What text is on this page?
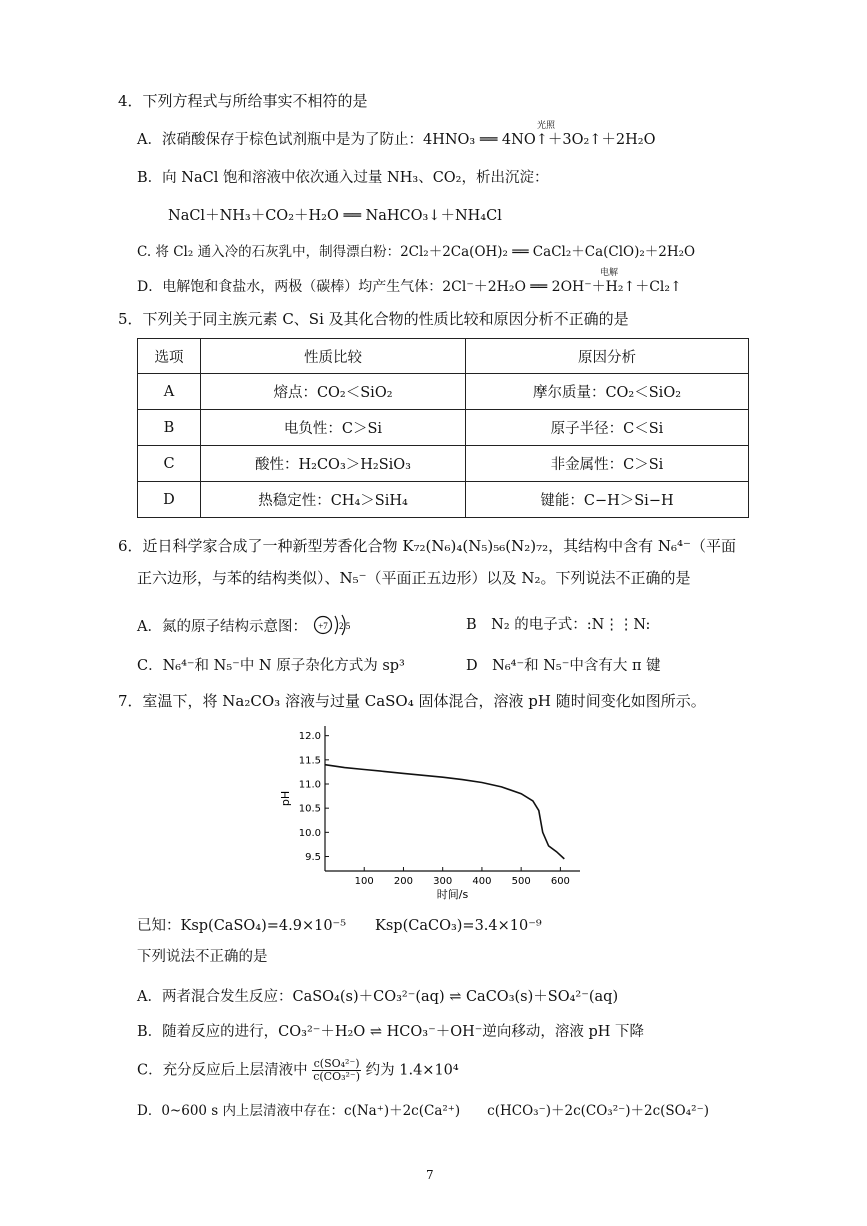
4．下列方程式与所给事实不相符的是
A．浓硝酸保存于棕色试剂瓶中是为了防止：4HNO₃ ══ 4NO↑＋3O₂↑＋2H₂O
光照
B．向 NaCl 饱和溶液中依次通入过量 NH₃、CO₂，析出沉淀：
NaCl＋NH₃＋CO₂＋H₂O ══ NaHCO₃↓＋NH₄Cl
C. 将 Cl₂ 通入冷的石灰乳中，制得漂白粉：2Cl₂＋2Ca(OH)₂ ══ CaCl₂＋Ca(ClO)₂＋2H₂O
D．电解饱和食盐水，两极（碳棒）均产生气体：2Cl⁻＋2H₂O ══ 2OH⁻＋H₂↑＋Cl₂↑
电解
5．下列关于同主族元素 C、Si 及其化合物的性质比较和原因分析不正确的是
选项	性质比较	原因分析
A	熔点：CO₂＜SiO₂	摩尔质量：CO₂＜SiO₂
B	电负性：C＞Si	原子半径：C＜Si
C	酸性：H₂CO₃＞H₂SiO₃	非金属性：C＞Si
D	热稳定性：CH₄＞SiH₄	键能：C−H＞Si−H
6．近日科学家合成了一种新型芳香化合物 K₇₂(N₆)₄(N₅)₅₆(N₂)₇₂，其结构中含有 N₆⁴⁻（平面
正六边形，与苯的结构类似）、N₅⁻（平面正五边形）以及 N₂。下列说法不正确的是
A．氮的原子结构示意图： +7 2 5	B　N₂ 的电子式：:N⋮⋮N:
C．N₆⁴⁻和 N₅⁻中 N 原子杂化方式为 sp³	D　N₆⁴⁻和 N₅⁻中含有大 π 键
7．室温下，将 Na₂CO₃ 溶液与过量 CaSO₄ 固体混合，溶液 pH 随时间变化如图所示。
100 200 300 400 500 600
9.5
10.0
10.5
11.0
11.5
12.0
时间/s
pH
已知：Ksp(CaSO₄)=4.9×10⁻⁵　　Ksp(CaCO₃)=3.4×10⁻⁹
下列说法不正确的是
A．两者混合发生反应：CaSO₄(s)＋CO₃²⁻(aq) ⇌ CaCO₃(s)＋SO₄²⁻(aq)
B．随着反应的进行，CO₃²⁻＋H₂O ⇌ HCO₃⁻＋OH⁻逆向移动，溶液 pH 下降
C．充分反应后上层清液中 $\frac{\text{c(SO₄²⁻)}}{\text{c(CO₃²⁻)}}$ 约为 1.4×10⁴
D．0~600 s 内上层清液中存在：c(Na⁺)＋2c(Ca²⁺)　　c(HCO₃⁻)＋2c(CO₃²⁻)＋2c(SO₄²⁻)
7
